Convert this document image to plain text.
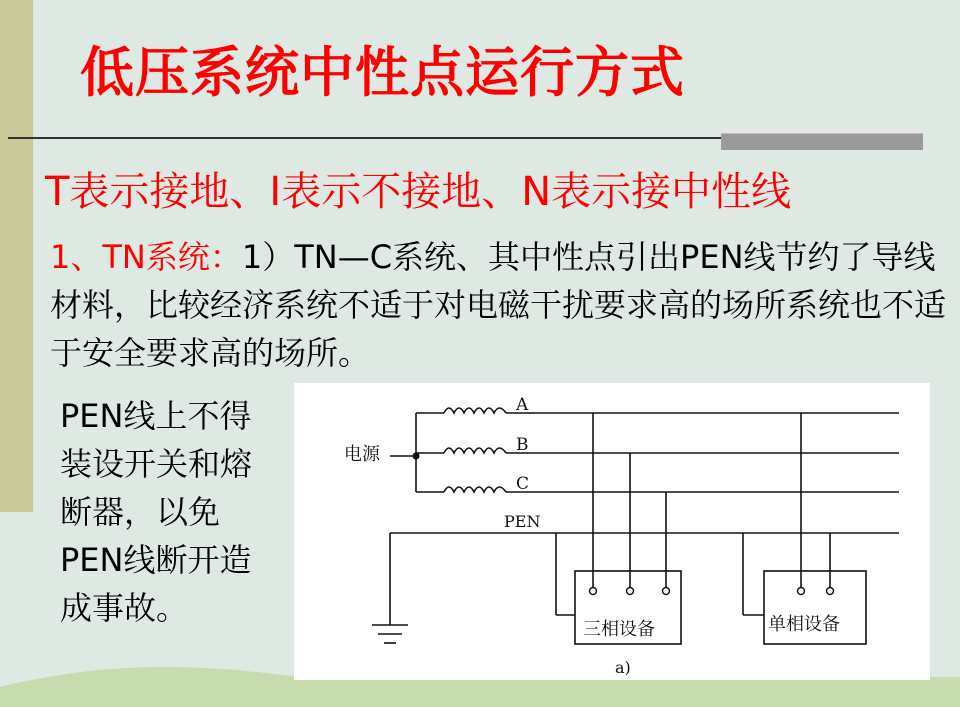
低压系统中性点运行方式
T表示接地、I表示不接地、N表示接中性线
1、TN系统：1）TN—C系统、其中性点引出PEN线节约了导线材料，比较经济系统不适于对电磁干扰要求高的场所系统也不适于安全要求高的场所。
PEN线上不得装设开关和熔断器，以免PEN线断开造成事故。
电源
A
B
C
PEN
三相设备	单相设备
a)
